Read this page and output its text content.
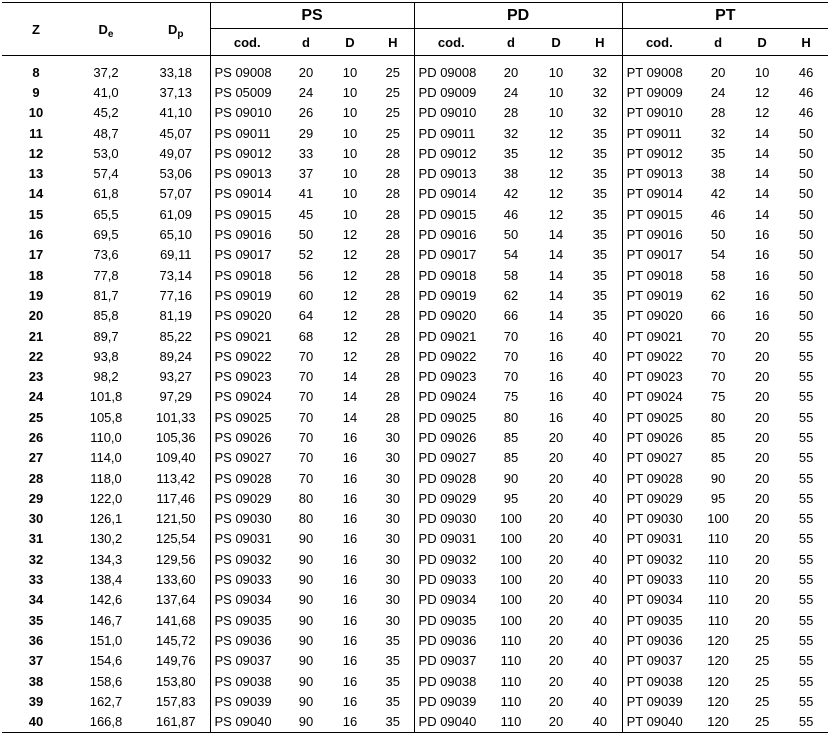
Z	$D_e$	$D_p$	PS				PD				PT			
			cod.	d	D	H	cod.	d	D	H	cod.	d	D	H
8	37,2	33,18	PS 09008	20	10	25	PD 09008	20	10	32	PT 09008	20	10	46
9	41,0	37,13	PS 05009	24	10	25	PD 09009	24	10	32	PT 09009	24	12	46
10	45,2	41,10	PS 09010	26	10	25	PD 09010	28	10	32	PT 09010	28	12	46
11	48,7	45,07	PS 09011	29	10	25	PD 09011	32	12	35	PT 09011	32	14	50
12	53,0	49,07	PS 09012	33	10	28	PD 09012	35	12	35	PT 09012	35	14	50
13	57,4	53,06	PS 09013	37	10	28	PD 09013	38	12	35	PT 09013	38	14	50
14	61,8	57,07	PS 09014	41	10	28	PD 09014	42	12	35	PT 09014	42	14	50
15	65,5	61,09	PS 09015	45	10	28	PD 09015	46	12	35	PT 09015	46	14	50
16	69,5	65,10	PS 09016	50	12	28	PD 09016	50	14	35	PT 09016	50	16	50
17	73,6	69,11	PS 09017	52	12	28	PD 09017	54	14	35	PT 09017	54	16	50
18	77,8	73,14	PS 09018	56	12	28	PD 09018	58	14	35	PT 09018	58	16	50
19	81,7	77,16	PS 09019	60	12	28	PD 09019	62	14	35	PT 09019	62	16	50
20	85,8	81,19	PS 09020	64	12	28	PD 09020	66	14	35	PT 09020	66	16	50
21	89,7	85,22	PS 09021	68	12	28	PD 09021	70	16	40	PT 09021	70	20	55
22	93,8	89,24	PS 09022	70	12	28	PD 09022	70	16	40	PT 09022	70	20	55
23	98,2	93,27	PS 09023	70	14	28	PD 09023	70	16	40	PT 09023	70	20	55
24	101,8	97,29	PS 09024	70	14	28	PD 09024	75	16	40	PT 09024	75	20	55
25	105,8	101,33	PS 09025	70	14	28	PD 09025	80	16	40	PT 09025	80	20	55
26	110,0	105,36	PS 09026	70	16	30	PD 09026	85	20	40	PT 09026	85	20	55
27	114,0	109,40	PS 09027	70	16	30	PD 09027	85	20	40	PT 09027	85	20	55
28	118,0	113,42	PS 09028	70	16	30	PD 09028	90	20	40	PT 09028	90	20	55
29	122,0	117,46	PS 09029	80	16	30	PD 09029	95	20	40	PT 09029	95	20	55
30	126,1	121,50	PS 09030	80	16	30	PD 09030	100	20	40	PT 09030	100	20	55
31	130,2	125,54	PS 09031	90	16	30	PD 09031	100	20	40	PT 09031	110	20	55
32	134,3	129,56	PS 09032	90	16	30	PD 09032	100	20	40	PT 09032	110	20	55
33	138,4	133,60	PS 09033	90	16	30	PD 09033	100	20	40	PT 09033	110	20	55
34	142,6	137,64	PS 09034	90	16	30	PD 09034	100	20	40	PT 09034	110	20	55
35	146,7	141,68	PS 09035	90	16	30	PD 09035	100	20	40	PT 09035	110	20	55
36	151,0	145,72	PS 09036	90	16	35	PD 09036	110	20	40	PT 09036	120	25	55
37	154,6	149,76	PS 09037	90	16	35	PD 09037	110	20	40	PT 09037	120	25	55
38	158,6	153,80	PS 09038	90	16	35	PD 09038	110	20	40	PT 09038	120	25	55
39	162,7	157,83	PS 09039	90	16	35	PD 09039	110	20	40	PT 09039	120	25	55
40	166,8	161,87	PS 09040	90	16	35	PD 09040	110	20	40	PT 09040	120	25	55
